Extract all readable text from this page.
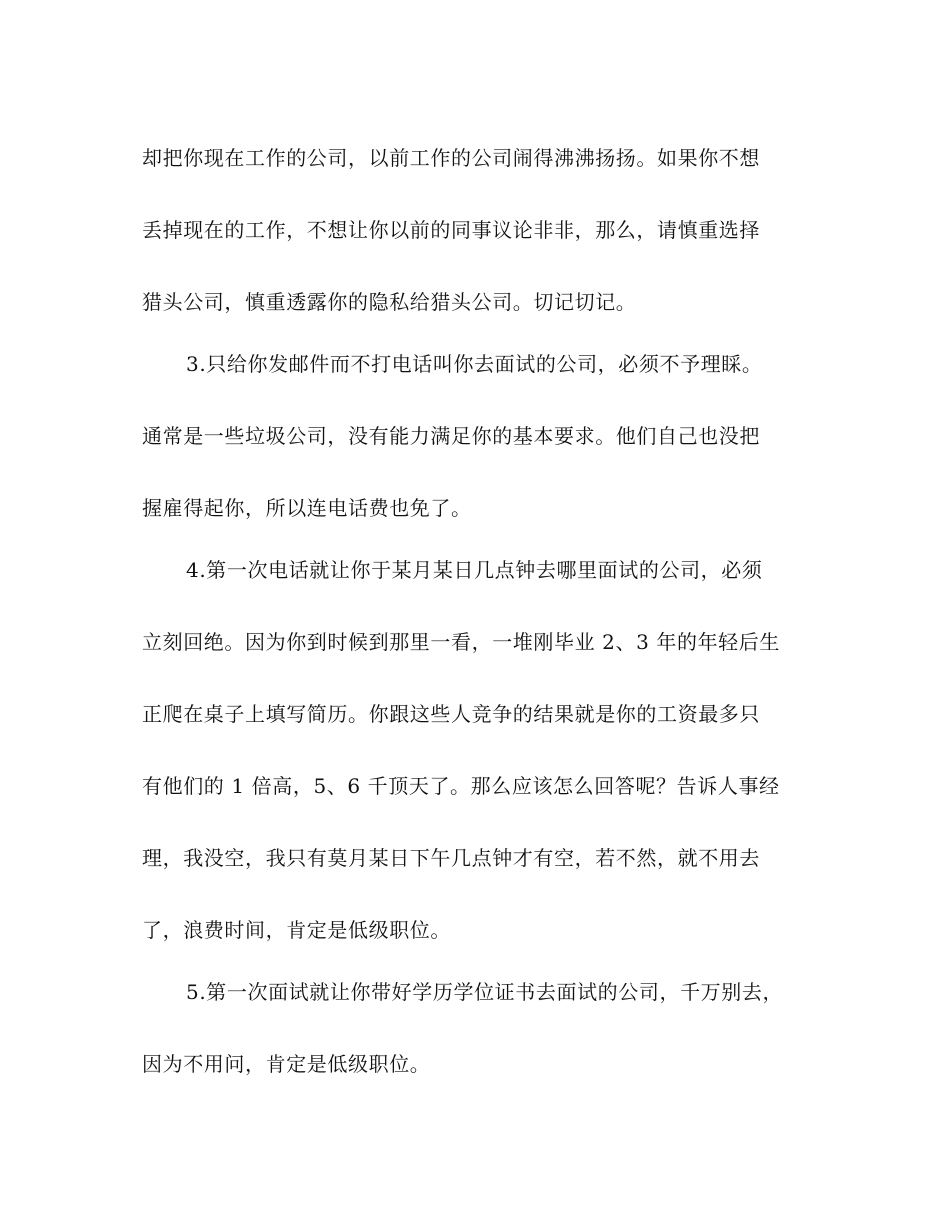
却把你现在工作的公司，以前工作的公司闹得沸沸扬扬。如果你不想
丢掉现在的工作，不想让你以前的同事议论非非，那么，请慎重选择
猎头公司，慎重透露你的隐私给猎头公司。切记切记。
3.只给你发邮件而不打电话叫你去面试的公司，必须不予理睬。
通常是一些垃圾公司，没有能力满足你的基本要求。他们自己也没把
握雇得起你，所以连电话费也免了。
4.第一次电话就让你于某月某日几点钟去哪里面试的公司，必须
立刻回绝。因为你到时候到那里一看，一堆刚毕业 2、3 年的年轻后生
正爬在桌子上填写简历。你跟这些人竞争的结果就是你的工资最多只
有他们的 1 倍高，5、6 千顶天了。那么应该怎么回答呢？告诉人事经
理，我没空，我只有莫月某日下午几点钟才有空，若不然，就不用去
了，浪费时间，肯定是低级职位。
5.第一次面试就让你带好学历学位证书去面试的公司，千万别去，
因为不用问，肯定是低级职位。
